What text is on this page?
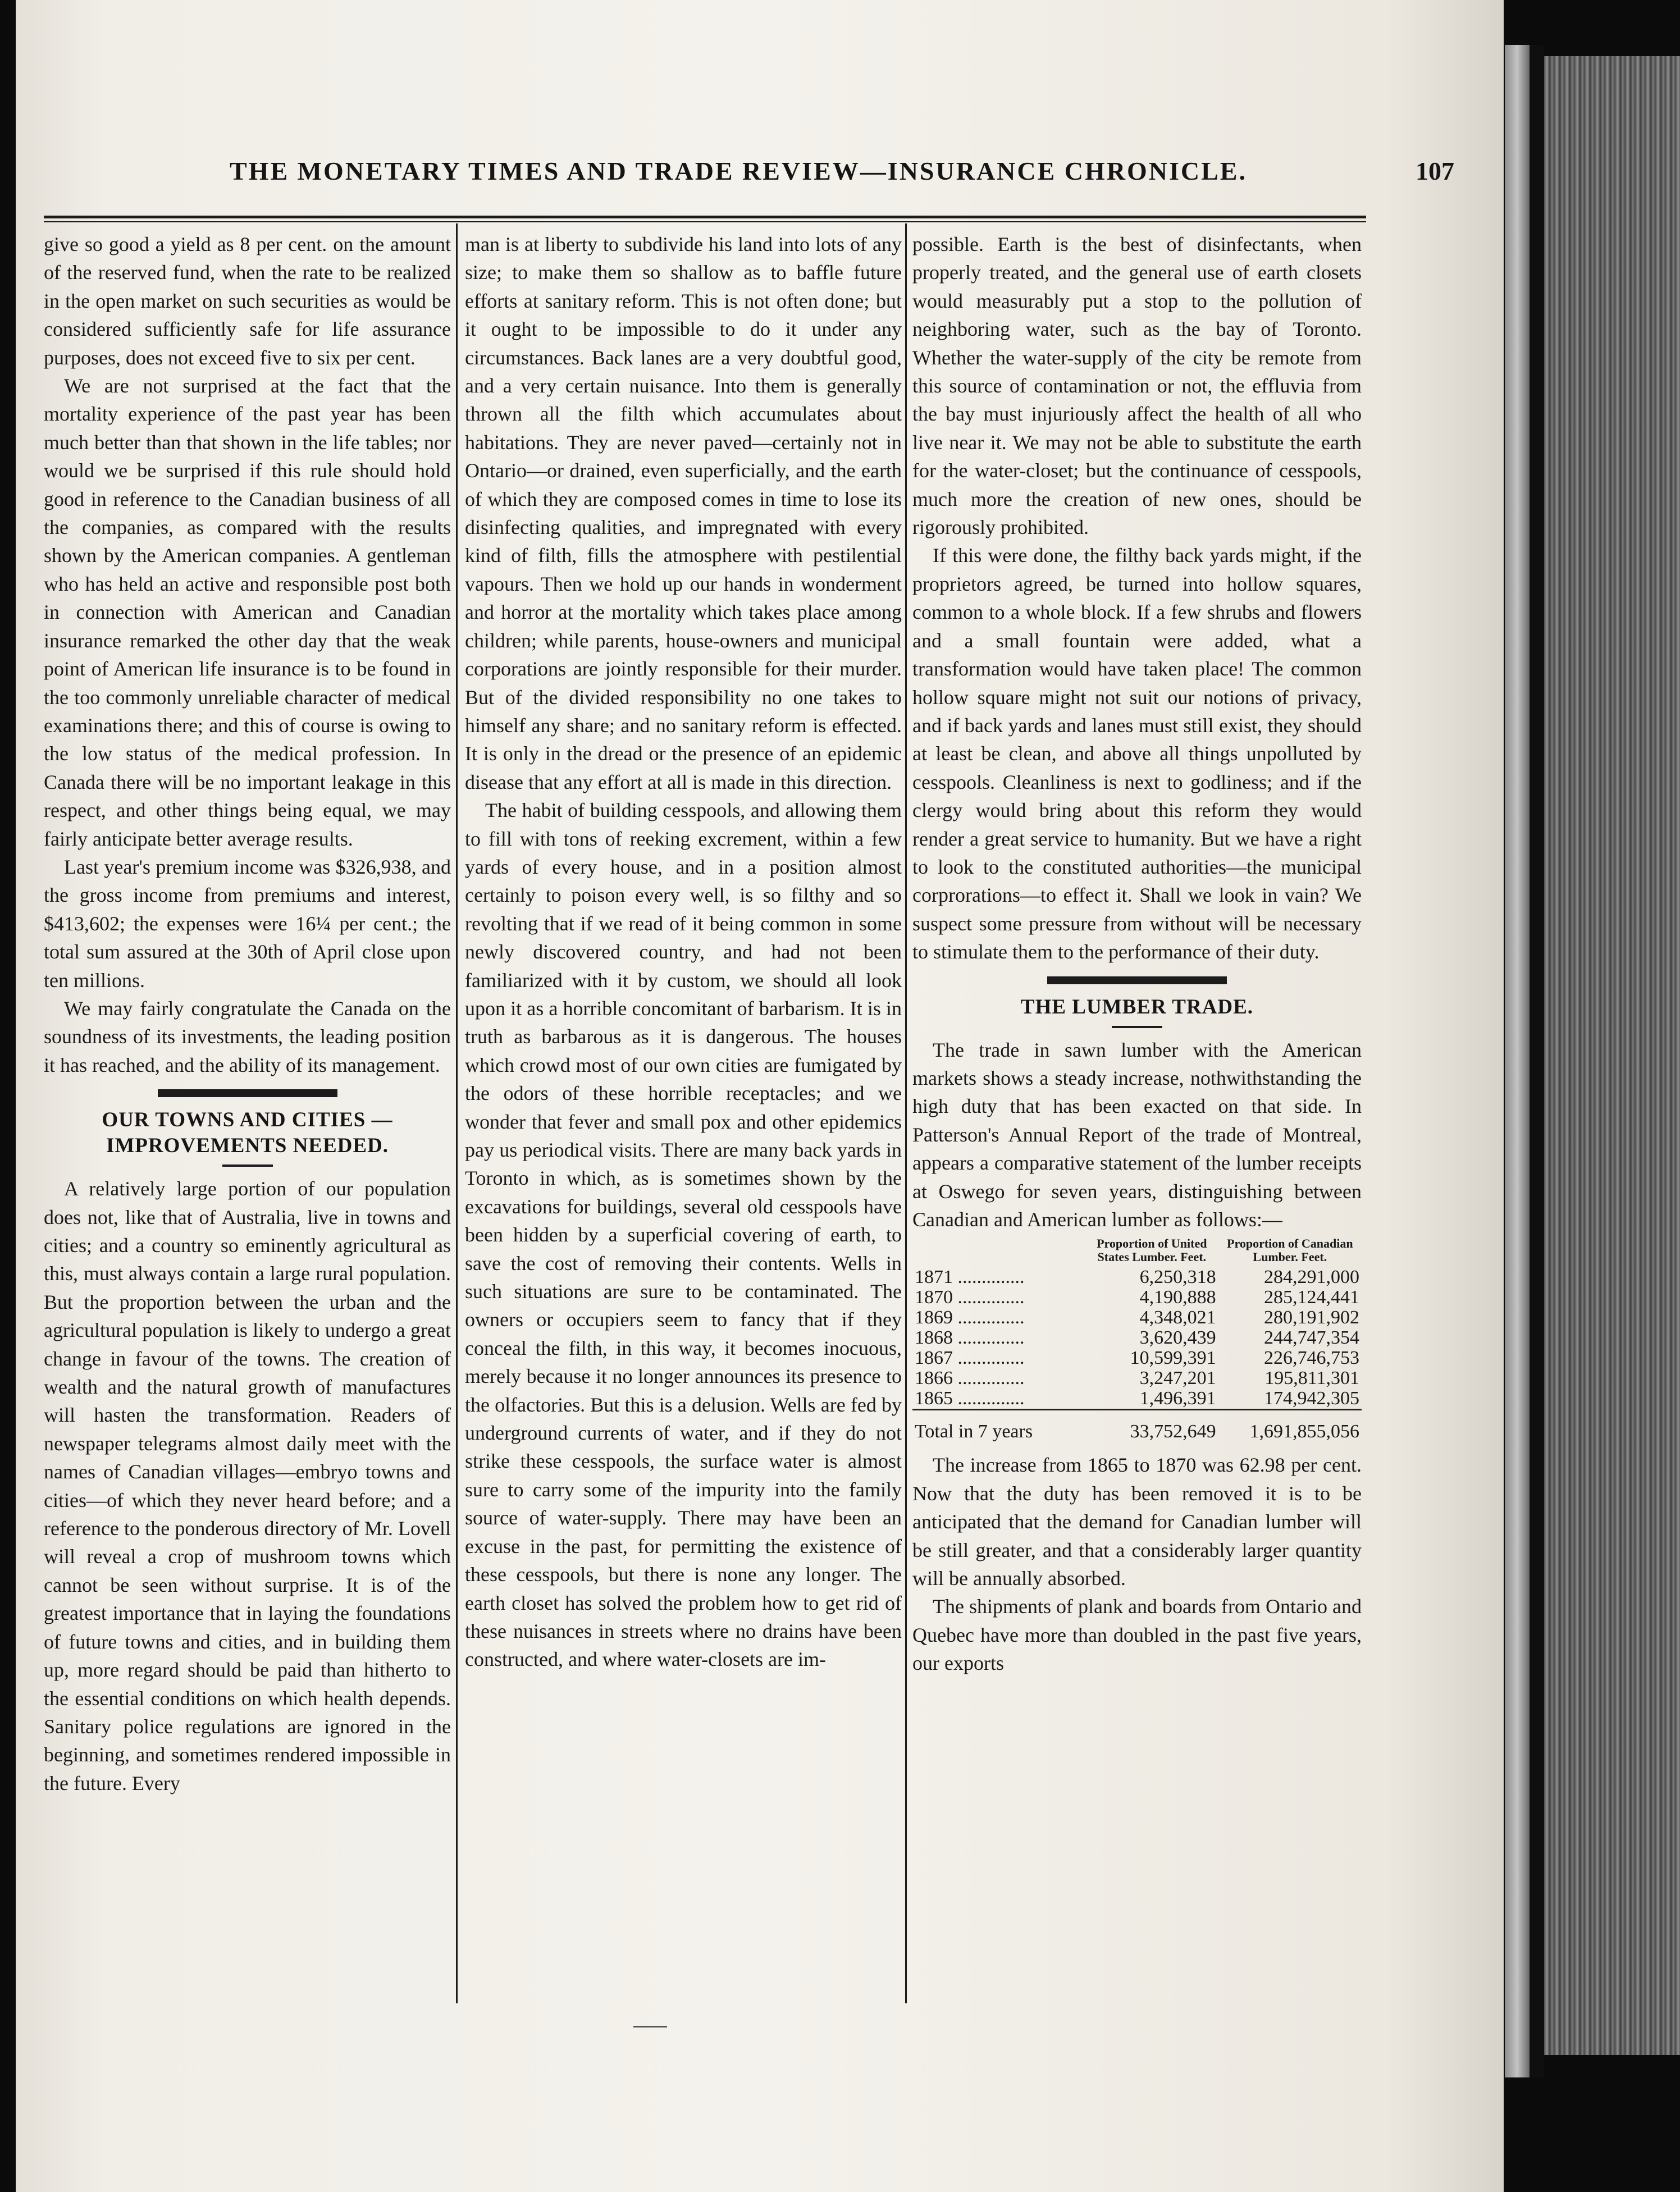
THE MONETARY TIMES AND TRADE REVIEW—INSURANCE CHRONICLE.	107

give so good a yield as 8 per cent. on the amount of the reserved fund, when the rate to be realized in the open market on such securities as would be considered sufficiently safe for life assurance purposes, does not exceed five to six per cent.

We are not surprised at the fact that the mortality experience of the past year has been much better than that shown in the life tables; nor would we be surprised if this rule should hold good in reference to the Canadian business of all the companies, as compared with the results shown by the American companies. A gentleman who has held an active and responsible post both in connection with American and Canadian insurance remarked the other day that the weak point of American life insurance is to be found in the too commonly unreliable character of medical examinations there; and this of course is owing to the low status of the medical profession. In Canada there will be no important leakage in this respect, and other things being equal, we may fairly anticipate better average results.

Last year's premium income was $326,938, and the gross income from premiums and interest, $413,602; the expenses were 16¼ per cent.; the total sum assured at the 30th of April close upon ten millions.

We may fairly congratulate the Canada on the soundness of its investments, the leading position it has reached, and the ability of its management.

OUR TOWNS AND CITIES — IMPROVEMENTS NEEDED.

A relatively large portion of our population does not, like that of Australia, live in towns and cities; and a country so eminently agricultural as this, must always contain a large rural population. But the proportion between the urban and the agricultural population is likely to undergo a great change in favour of the towns. The creation of wealth and the natural growth of manufactures will hasten the transformation. Readers of newspaper telegrams almost daily meet with the names of Canadian villages—embryo towns and cities—of which they never heard before; and a reference to the ponderous directory of Mr. Lovell will reveal a crop of mushroom towns which cannot be seen without surprise. It is of the greatest importance that in laying the foundations of future towns and cities, and in building them up, more regard should be paid than hitherto to the essential conditions on which health depends. Sanitary police regulations are ignored in the beginning, and sometimes rendered impossible in the future. Every

man is at liberty to subdivide his land into lots of any size; to make them so shallow as to baffle future efforts at sanitary reform. This is not often done; but it ought to be impossible to do it under any circumstances. Back lanes are a very doubtful good, and a very certain nuisance. Into them is generally thrown all the filth which accumulates about habitations. They are never paved—certainly not in Ontario—or drained, even superficially, and the earth of which they are composed comes in time to lose its disinfecting qualities, and impregnated with every kind of filth, fills the atmosphere with pestilential vapours. Then we hold up our hands in wonderment and horror at the mortality which takes place among children; while parents, house-owners and municipal corporations are jointly responsible for their murder. But of the divided responsibility no one takes to himself any share; and no sanitary reform is effected. It is only in the dread or the presence of an epidemic disease that any effort at all is made in this direction.

The habit of building cesspools, and allowing them to fill with tons of reeking excrement, within a few yards of every house, and in a position almost certainly to poison every well, is so filthy and so revolting that if we read of it being common in some newly discovered country, and had not been familiarized with it by custom, we should all look upon it as a horrible concomitant of barbarism. It is in truth as barbarous as it is dangerous. The houses which crowd most of our own cities are fumigated by the odors of these horrible receptacles; and we wonder that fever and small pox and other epidemics pay us periodical visits. There are many back yards in Toronto in which, as is sometimes shown by the excavations for buildings, several old cesspools have been hidden by a superficial covering of earth, to save the cost of removing their contents. Wells in such situations are sure to be contaminated. The owners or occupiers seem to fancy that if they conceal the filth, in this way, it becomes inocuous, merely because it no longer announces its presence to the olfactories. But this is a delusion. Wells are fed by underground currents of water, and if they do not strike these cesspools, the surface water is almost sure to carry some of the impurity into the family source of water-supply. There may have been an excuse in the past, for permitting the existence of these cesspools, but there is none any longer. The earth closet has solved the problem how to get rid of these nuisances in streets where no drains have been constructed, and where water-closets are im-

possible. Earth is the best of disinfectants, when properly treated, and the general use of earth closets would measurably put a stop to the pollution of neighboring water, such as the bay of Toronto. Whether the water-supply of the city be remote from this source of contamination or not, the effluvia from the bay must injuriously affect the health of all who live near it. We may not be able to substitute the earth for the water-closet; but the continuance of cesspools, much more the creation of new ones, should be rigorously prohibited.

If this were done, the filthy back yards might, if the proprietors agreed, be turned into hollow squares, common to a whole block. If a few shrubs and flowers and a small fountain were added, what a transformation would have taken place! The common hollow square might not suit our notions of privacy, and if back yards and lanes must still exist, they should at least be clean, and above all things unpolluted by cesspools. Cleanliness is next to godliness; and if the clergy would bring about this reform they would render a great service to humanity. But we have a right to look to the constituted authorities—the municipal corprorations—to effect it. Shall we look in vain? We suspect some pressure from without will be necessary to stimulate them to the performance of their duty.

THE LUMBER TRADE.

The trade in sawn lumber with the American markets shows a steady increase, nothwithstanding the high duty that has been exacted on that side. In Patterson's Annual Report of the trade of Montreal, appears a comparative statement of the lumber receipts at Oswego for seven years, distinguishing between Canadian and American lumber as follows:—

	Proportion of United States Lumber. Feet.	Proportion of Canadian Lumber. Feet.
1871 ..............	6,250,318	284,291,000
1870 ..............	4,190,888	285,124,441
1869 ..............	4,348,021	280,191,902
1868 ..............	3,620,439	244,747,354
1867 ..............	10,599,391	226,746,753
1866 ..............	3,247,201	195,811,301
1865 ..............	1,496,391	174,942,305
Total in 7 years	33,752,649	1,691,855,056

The increase from 1865 to 1870 was 62.98 per cent. Now that the duty has been removed it is to be anticipated that the demand for Canadian lumber will be still greater, and that a considerably larger quantity will be annually absorbed.

The shipments of plank and boards from Ontario and Quebec have more than doubled in the past five years, our exports
